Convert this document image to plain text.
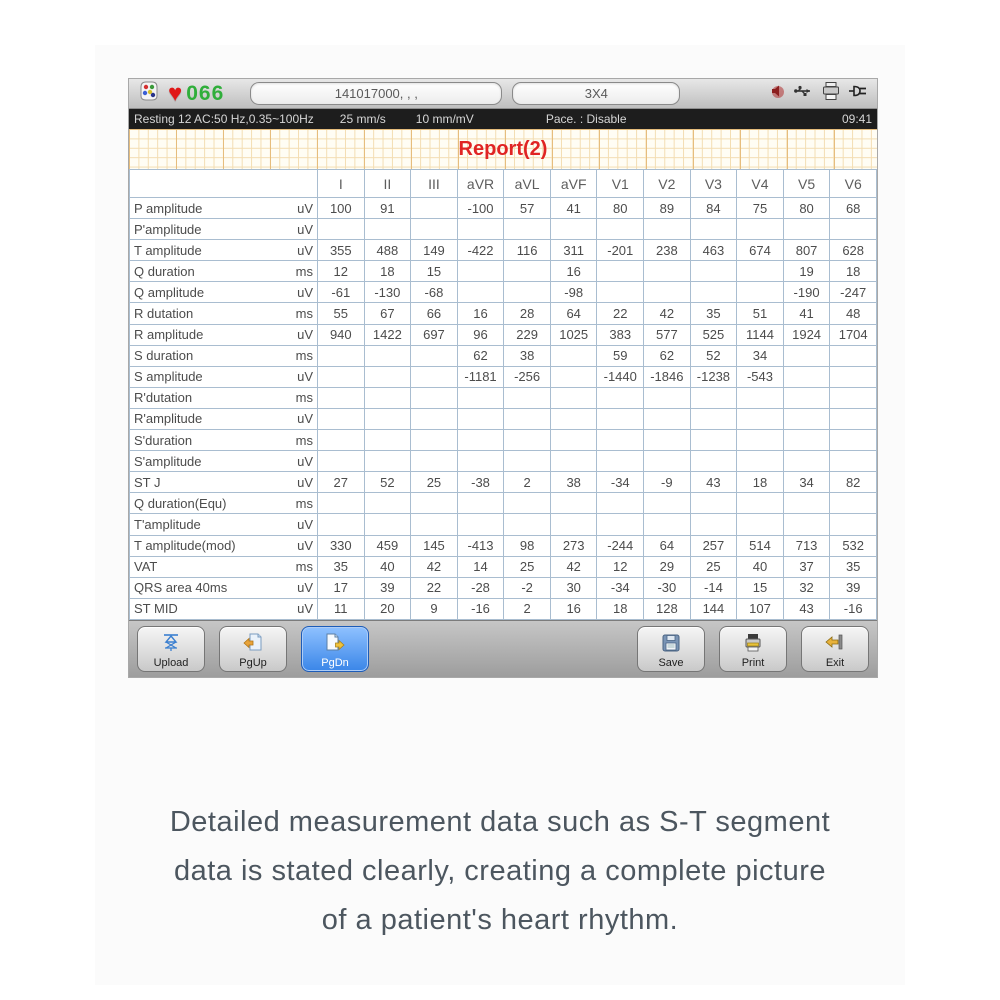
♥ 066	141017000, , ,	3X4
Resting 12 AC:50 Hz,0.35~100Hz 25 mm/s	10 mm/mV	Pace. : Disable	09:41
Report(2)
	I	II	III	aVR	aVL	aVF	V1	V2	V3	V4	V5	V6

P amplitude uV	100	91		-100	57	41	80	89	84	75	80	68

P'amplitude uV												

T amplitude uV	355	488	149	-422	116	311	-201	238	463	674	807	628

Q duration ms	12	18	15			16					19	18

Q amplitude uV	-61	-130	-68			-98					-190	-247

R dutation ms	55	67	66	16	28	64	22	42	35	51	41	48

R amplitude uV	940	1422	697	96	229	1025	383	577	525	1144	1924	1704

S duration ms				62	38		59	62	52	34		

S amplitude uV				-1181	-256		-1440	-1846	-1238	-543		

R'dutation ms												

R'amplitude uV												

S'duration ms												

S'amplitude uV												

ST J uV	27	52	25	-38	2	38	-34	-9	43	18	34	82

Q duration(Equ) ms												

T'amplitude uV												

T amplitude(mod) uV	330	459	145	-413	98	273	-244	64	257	514	713	532

VAT ms	35	40	42	14	25	42	12	29	25	40	37	35

QRS area 40ms uV	17	39	22	-28	-2	30	-34	-30	-14	15	32	39

ST MID uV	11	20	9	-16	2	16	18	128	144	107	43	-16
Upload	PgUp	PgDn	Save	Print	Exit
Detailed measurement data such as S-T segment
data is stated clearly, creating a complete picture
of a patient's heart rhythm.
